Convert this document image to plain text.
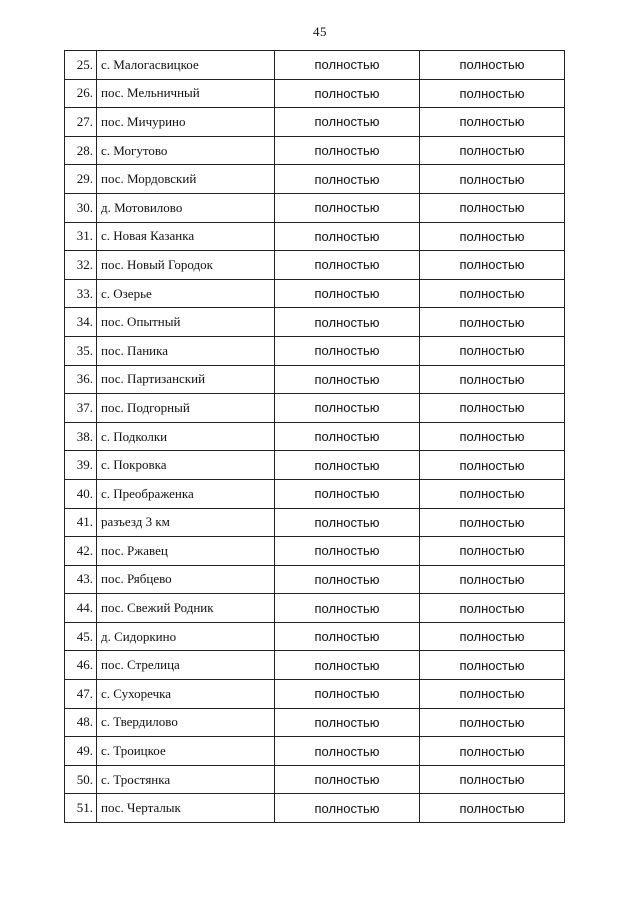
45
25.	с. Малогасвицкое	полностью	полностью
26.	пос. Мельничный	полностью	полностью
27.	пос. Мичурино	полностью	полностью
28.	с. Могутово	полностью	полностью
29.	пос. Мордовский	полностью	полностью
30.	д. Мотовилово	полностью	полностью
31.	с. Новая Казанка	полностью	полностью
32.	пос. Новый Городок	полностью	полностью
33.	с. Озерье	полностью	полностью
34.	пос. Опытный	полностью	полностью
35.	пос. Паника	полностью	полностью
36.	пос. Партизанский	полностью	полностью
37.	пос. Подгорный	полностью	полностью
38.	с. Подколки	полностью	полностью
39.	с. Покровка	полностью	полностью
40.	с. Преображенка	полностью	полностью
41.	разъезд 3 км	полностью	полностью
42.	пос. Ржавец	полностью	полностью
43.	пос. Рябцево	полностью	полностью
44.	пос. Свежий Родник	полностью	полностью
45.	д. Сидоркино	полностью	полностью
46.	пос. Стрелица	полностью	полностью
47.	с. Сухоречка	полностью	полностью
48.	с. Твердилово	полностью	полностью
49.	с. Троицкое	полностью	полностью
50.	с. Тростянка	полностью	полностью
51.	пос. Черталык	полностью	полностью
